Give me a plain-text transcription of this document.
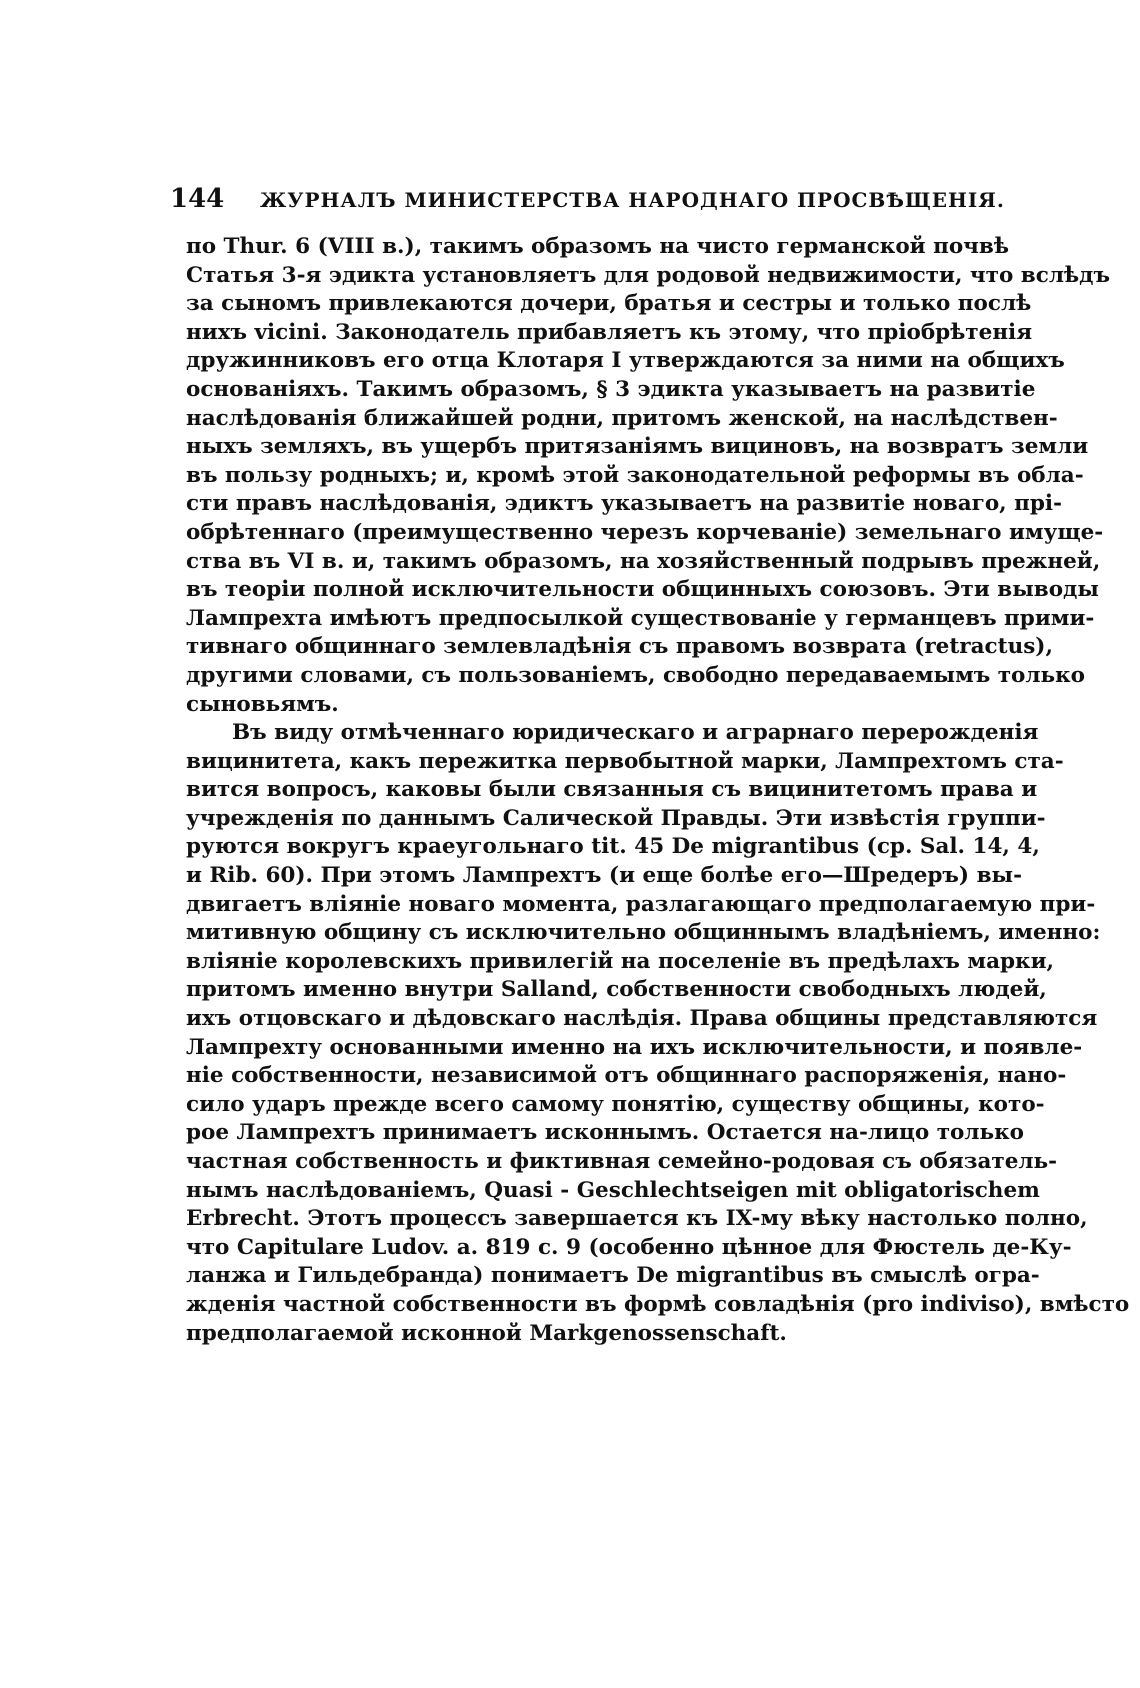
144 ЖУРНАЛЪ МИНИСТЕРСТВА НАРОДНАГО ПРОСВѢЩЕНІЯ.
по Thur. 6 (VIII в.), такимъ образомъ на чисто германской почвѣ
Статья 3-я эдикта установляетъ для родовой недвижимости, что вслѣдъ
за сыномъ привлекаются дочери, братья и сестры и только послѣ
нихъ vicini. Законодатель прибавляетъ къ этому, что пріобрѣтенія
дружинниковъ его отца Клотаря I утверждаются за ними на общихъ
основаніяхъ. Такимъ образомъ, § 3 эдикта указываетъ на развитіе
наслѣдованія ближайшей родни, притомъ женской, на наслѣдствен-
ныхъ земляхъ, въ ущербъ притязаніямъ вициновъ, на возвратъ земли
въ пользу родныхъ; и, кромѣ этой законодательной реформы въ обла-
сти правъ наслѣдованія, эдиктъ указываетъ на развитіе новаго, прі-
обрѣтеннаго (преимущественно черезъ корчеваніе) земельнаго имуще-
ства въ VI в. и, такимъ образомъ, на хозяйственный подрывъ прежней,
въ теоріи полной исключительности общинныхъ союзовъ. Эти выводы
Лампрехта имѣютъ предпосылкой существованіе у германцевъ прими-
тивнаго общиннаго землевладѣнія съ правомъ возврата (retractus),
другими словами, съ пользованіемъ, свободно передаваемымъ только
сыновьямъ.
Въ виду отмѣченнаго юридическаго и аграрнаго перерожденія
вицинитета, какъ пережитка первобытной марки, Лампрехтомъ ста-
вится вопросъ, каковы были связанныя съ вицинитетомъ права и
учрежденія по даннымъ Салической Правды. Эти извѣстія группи-
руются вокругъ краеугольнаго tit. 45 De migrantibus (ср. Sal. 14, 4,
и Rib. 60). При этомъ Лампрехтъ (и еще болѣе его—Шредеръ) вы-
двигаетъ вліяніе новаго момента, разлагающаго предполагаемую при-
митивную общину съ исключительно общиннымъ владѣніемъ, именно:
вліяніе королевскихъ привилегій на поселеніе въ предѣлахъ марки,
притомъ именно внутри Salland, собственности свободныхъ людей,
ихъ отцовскаго и дѣдовскаго наслѣдія. Права общины представляются
Лампрехту основанными именно на ихъ исключительности, и появле-
ніе собственности, независимой отъ общиннаго распоряженія, нано-
сило ударъ прежде всего самому понятію, существу общины, кото-
рое Лампрехтъ принимаетъ исконнымъ. Остается на-лицо только
частная собственность и фиктивная семейно-родовая съ обязатель-
нымъ наслѣдованіемъ, Quasi - Geschlechtseigen mit obligatorischem
Erbrecht. Этотъ процессъ завершается къ IX-му вѣку настолько полно,
что Capitulare Ludov. a. 819 c. 9 (особенно цѣнное для Фюстель де-Ку-
ланжа и Гильдебранда) понимаетъ De migrantibus въ смыслѣ огра-
жденія частной собственности въ формѣ совладѣнія (pro indiviso), вмѣсто
предполагаемой исконной Markgenossenschaft.
